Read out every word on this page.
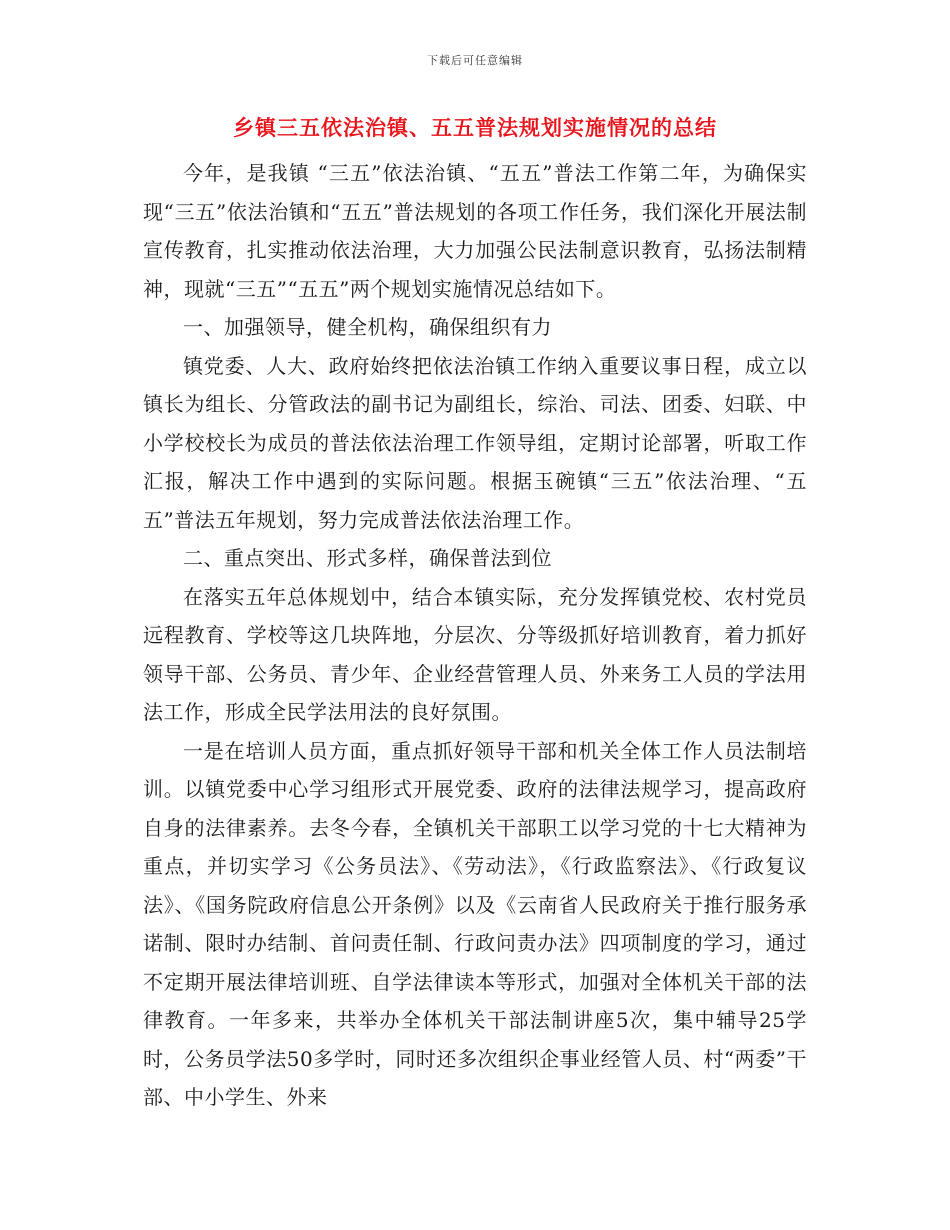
下载后可任意编辑
乡镇三五依法治镇、五五普法规划实施情况的总结

今年，是我镇 “三五”依法治镇、“五五”普法工作第二年，为确保实现“三五”依法治镇和“五五”普法规划的各项工作任务，我们深化开展法制宣传教育，扎实推动依法治理，大力加强公民法制意识教育，弘扬法制精神，现就“三五”“五五”两个规划实施情况总结如下。

一、加强领导，健全机构，确保组织有力

镇党委、人大、政府始终把依法治镇工作纳入重要议事日程，成立以镇长为组长、分管政法的副书记为副组长，综治、司法、团委、妇联、中小学校校长为成员的普法依法治理工作领导组，定期讨论部署，听取工作汇报，解决工作中遇到的实际问题。根据玉碗镇“三五”依法治理、“五五”普法五年规划，努力完成普法依法治理工作。

二、重点突出、形式多样，确保普法到位

在落实五年总体规划中，结合本镇实际，充分发挥镇党校、农村党员远程教育、学校等这几块阵地，分层次、分等级抓好培训教育，着力抓好领导干部、公务员、青少年、企业经营管理人员、外来务工人员的学法用法工作，形成全民学法用法的良好氛围。

一是在培训人员方面，重点抓好领导干部和机关全体工作人员法制培训。以镇党委中心学习组形式开展党委、政府的法律法规学习，提高政府自身的法律素养。去冬今春，全镇机关干部职工以学习党的十七大精神为重点，并切实学习《公务员法》、《劳动法》，《行政监察法》、《行政复议法》、《国务院政府信息公开条例》以及《云南省人民政府关于推行服务承诺制、限时办结制、首问责任制、行政问责办法》四项制度的学习，通过不定期开展法律培训班、自学法律读本等形式，加强对全体机关干部的法律教育。一年多来，共举办全体机关干部法制讲座5次，集中辅导25学时，公务员学法50多学时，同时还多次组织企事业经管人员、村“两委”干部、中小学生、外来
